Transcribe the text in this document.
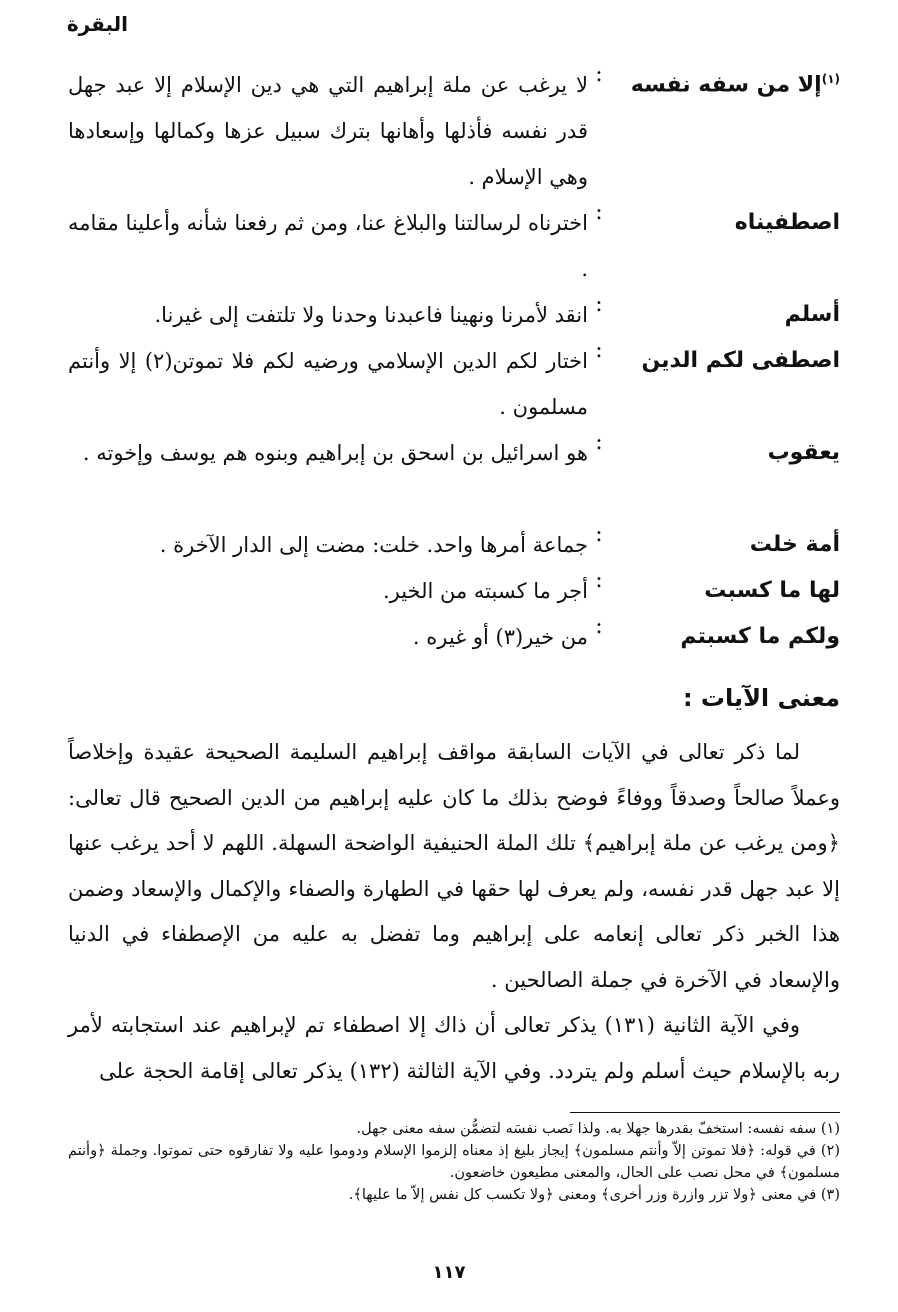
البقرة
$^{(١)}$إلا من سفه نفسه
:
لا يرغب عن ملة إبراهيم التي هي دين الإسلام إلا عبد جهل قدر نفسه فأذلها وأهانها بترك سبيل عزها وكمالها وإسعادها وهي الإسلام .
اصطفيناه
:
اخترناه لرسالتنا والبلاغ عنا، ومن ثم رفعنا شأنه وأعلينا مقامه .
أسلم
:
انقد لأمرنا ونهينا فاعبدنا وحدنا ولا تلتفت إلى غيرنا.
اصطفى لكم الدين
:
اختار لكم الدين الإسلامي ورضيه لكم فلا تموتن(٢) إلا وأنتم مسلمون .
يعقوب
:
هو اسرائيل بن اسحق بن إبراهيم وبنوه هم يوسف وإخوته .
أمة خلت
:
جماعة أمرها واحد. خلت: مضت إلى الدار الآخرة .
لها ما كسبت
:
أجر ما كسبته من الخير.
ولكم ما كسبتم
:
من خير(٣) أو غيره .
معنى الآيات :

لما ذكر تعالى في الآيات السابقة مواقف إبراهيم السليمة الصحيحة عقيدة وإخلاصاً وعملاً صالحاً وصدقاً ووفاءً فوضح بذلك ما كان عليه إبراهيم من الدين الصحيح قال تعالى: ﴿ومن يرغب عن ملة إبراهيم﴾ تلك الملة الحنيفية الواضحة السهلة. اللهم لا أحد يرغب عنها إلا عبد جهل قدر نفسه، ولم يعرف لها حقها في الطهارة والصفاء والإكمال والإسعاد وضمن هذا الخبر ذكر تعالى إنعامه على إبراهيم وما تفضل به عليه من الإصطفاء في الدنيا والإسعاد في الآخرة في جملة الصالحين .

وفي الآية الثانية (١٣١) يذكر تعالى أن ذاك إلا اصطفاء تم لإبراهيم عند استجابته لأمر ربه بالإسلام حيث أسلم ولم يتردد. وفي الآية الثالثة (١٣٢) يذكر تعالى إقامة الحجة على

(١) سفه نفسه: استخفّ بقدرها جهلا به. ولذا نَصب نفسَه لتضمُّن سفه معنى جهل.

(٢) في قوله: ﴿فلا تموتن إلاّ وأنتم مسلمون﴾ إيجاز بليغ إذ معناه إلزموا الإسلام ودوموا عليه ولا تفارقوه حتى تموتوا. وجملة ﴿وأنتم مسلمون﴾ في محل نصب على الحال، والمعنى مطيعون خاضعون.

(٣) في معنى ﴿ولا تزر وازرة وزر أخرى﴾ ومعنى ﴿ولا تكسب كل نفس إلاّ ما عليها﴾.

١١٧
